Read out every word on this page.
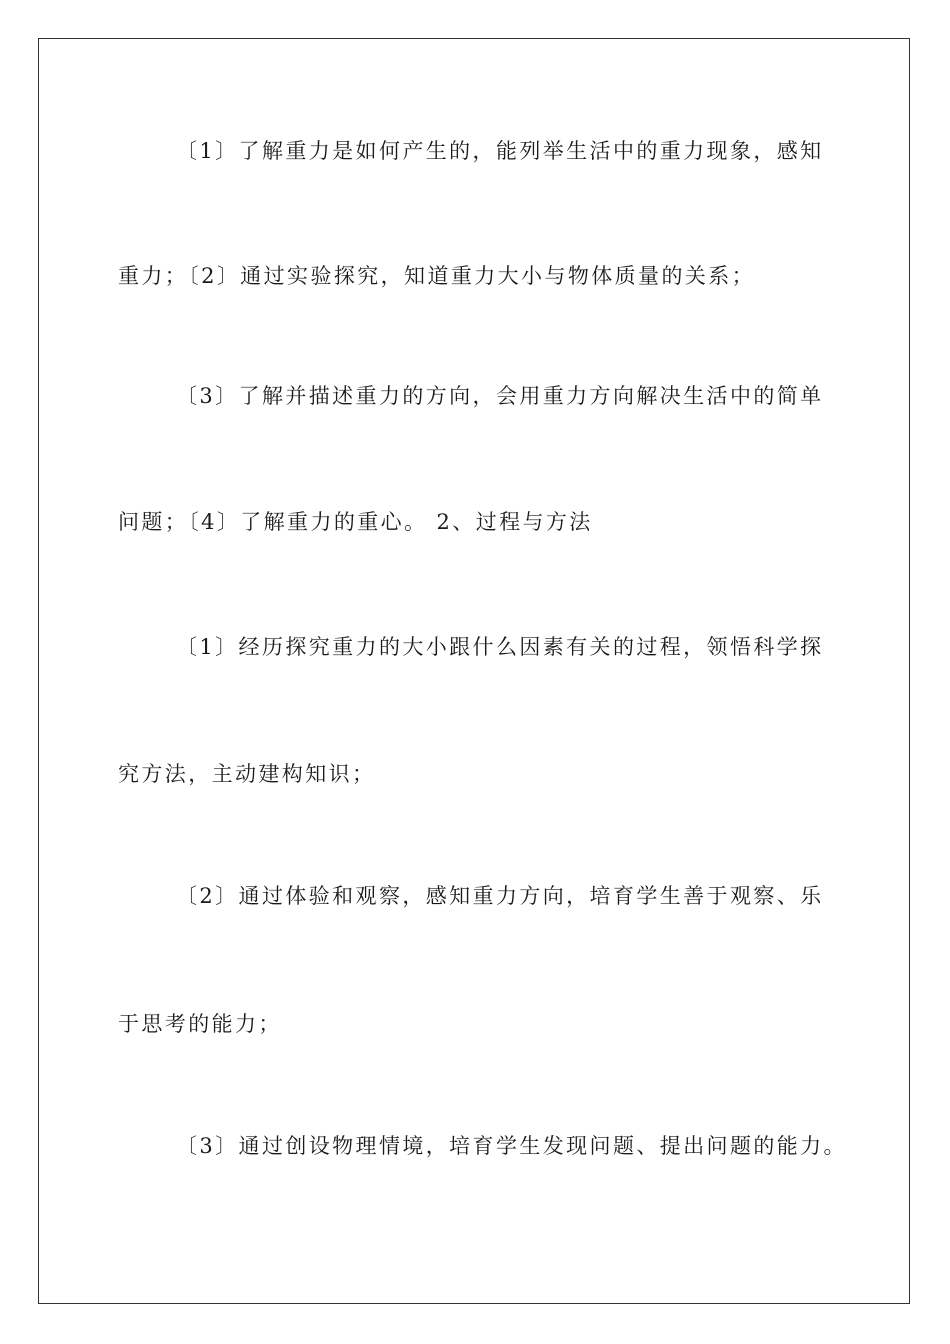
〔1〕了解重力是如何产生的，能列举生活中的重力现象，感知
重力；〔2〕通过实验探究，知道重力大小与物体质量的关系；
〔3〕了解并描述重力的方向，会用重力方向解决生活中的简单
问题；〔4〕了解重力的重心。 2、过程与方法
〔1〕经历探究重力的大小跟什么因素有关的过程，领悟科学探
究方法，主动建构知识；
〔2〕通过体验和观察，感知重力方向，培育学生善于观察、乐
于思考的能力；
〔3〕通过创设物理情境，培育学生发现问题、提出问题的能力。
